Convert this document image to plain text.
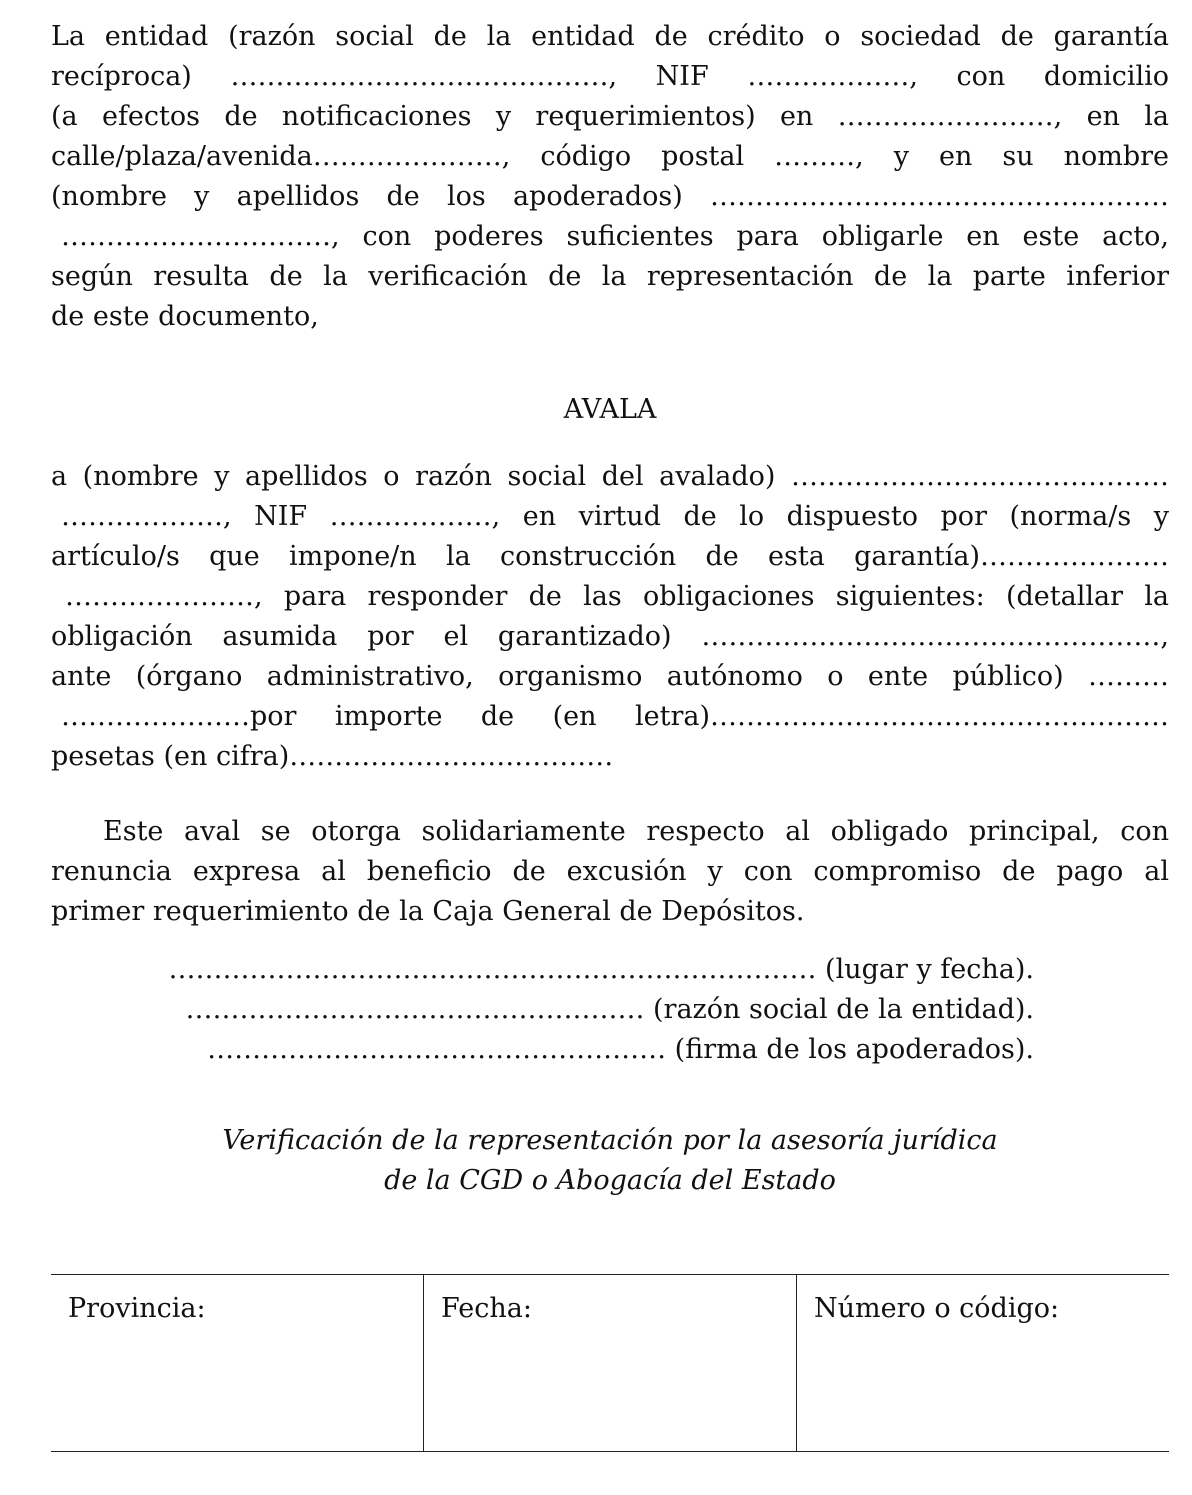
La entidad (razón social de la entidad de crédito o sociedad de garantía
recíproca) ……………………………………, NIF ………………, con domicilio
(a efectos de notificaciones y requerimientos) en ……………………, en la
calle/plaza/avenida…………………, código postal ………, y en su nombre
(nombre y apellidos de los apoderados) ……………………………………………
…………………………, con poderes suficientes para obligarle en este acto,
según resulta de la verificación de la representación de la parte inferior
de este documento,
AVALA
a (nombre y apellidos o razón social del avalado) ……………………………………
………………, NIF ………………, en virtud de lo dispuesto por (norma/s y
artículo/s que impone/n la construcción de esta garantía)…………………
…………………, para responder de las obligaciones siguientes: (detallar la
obligación asumida por el garantizado) ……………………………………………,
ante (órgano administrativo, organismo autónomo o ente público) ………
…………………por importe de (en letra)……………………………………………
pesetas (en cifra)………………………………
Este aval se otorga solidariamente respecto al obligado principal, con
renuncia expresa al beneficio de excusión y con compromiso de pago al
primer requerimiento de la Caja General de Depósitos.
……………………………………………………………… (lugar y fecha).
…………………………………………… (razón social de la entidad).
…………………………………………… (firma de los apoderados).
Verificación de la representación por la asesoría jurídica
de la CGD o Abogacía del Estado
Provincia:	Fecha:	Número o código:
